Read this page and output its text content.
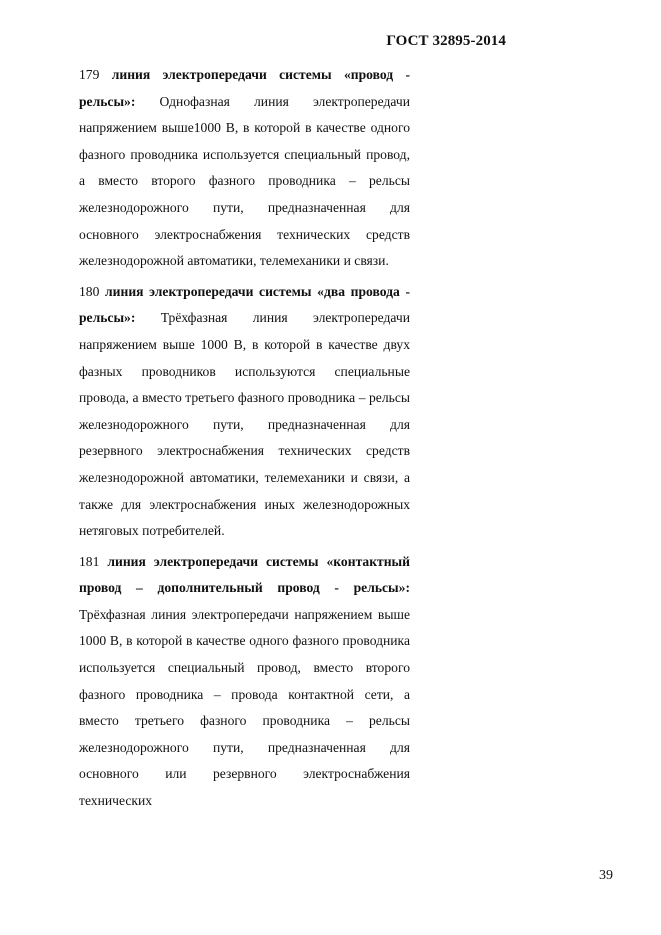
ГОСТ 32895-2014

179 линия электропередачи системы «провод - рельсы»: Однофазная линия электропередачи напряжением выше1000 В, в которой в качестве одного фазного проводника используется специальный провод, а вместо второго фазного проводника – рельсы железнодорожного пути, предназначенная для основного электроснабжения технических средств железнодорожной автоматики, телемеханики и связи.

180 линия электропередачи системы «два провода - рельсы»: Трёхфазная линия электропередачи напряжением выше 1000 В, в которой в качестве двух фазных проводников используются специальные провода, а вместо третьего фазного проводника – рельсы железнодорожного пути, предназначенная для резервного электроснабжения технических средств железнодорожной автоматики, телемеханики и связи, а также для электроснабжения иных железнодорожных нетяговых потребителей.

181 линия электропередачи системы «контактный провод – дополнительный провод - рельсы»: Трёхфазная линия электропередачи напряжением выше 1000 В, в которой в качестве одного фазного проводника используется специальный провод, вместо второго фазного проводника – провода контактной сети, а вместо третьего фазного проводника – рельсы железнодорожного пути, предназначенная для основного или резервного электроснабжения технических

39
